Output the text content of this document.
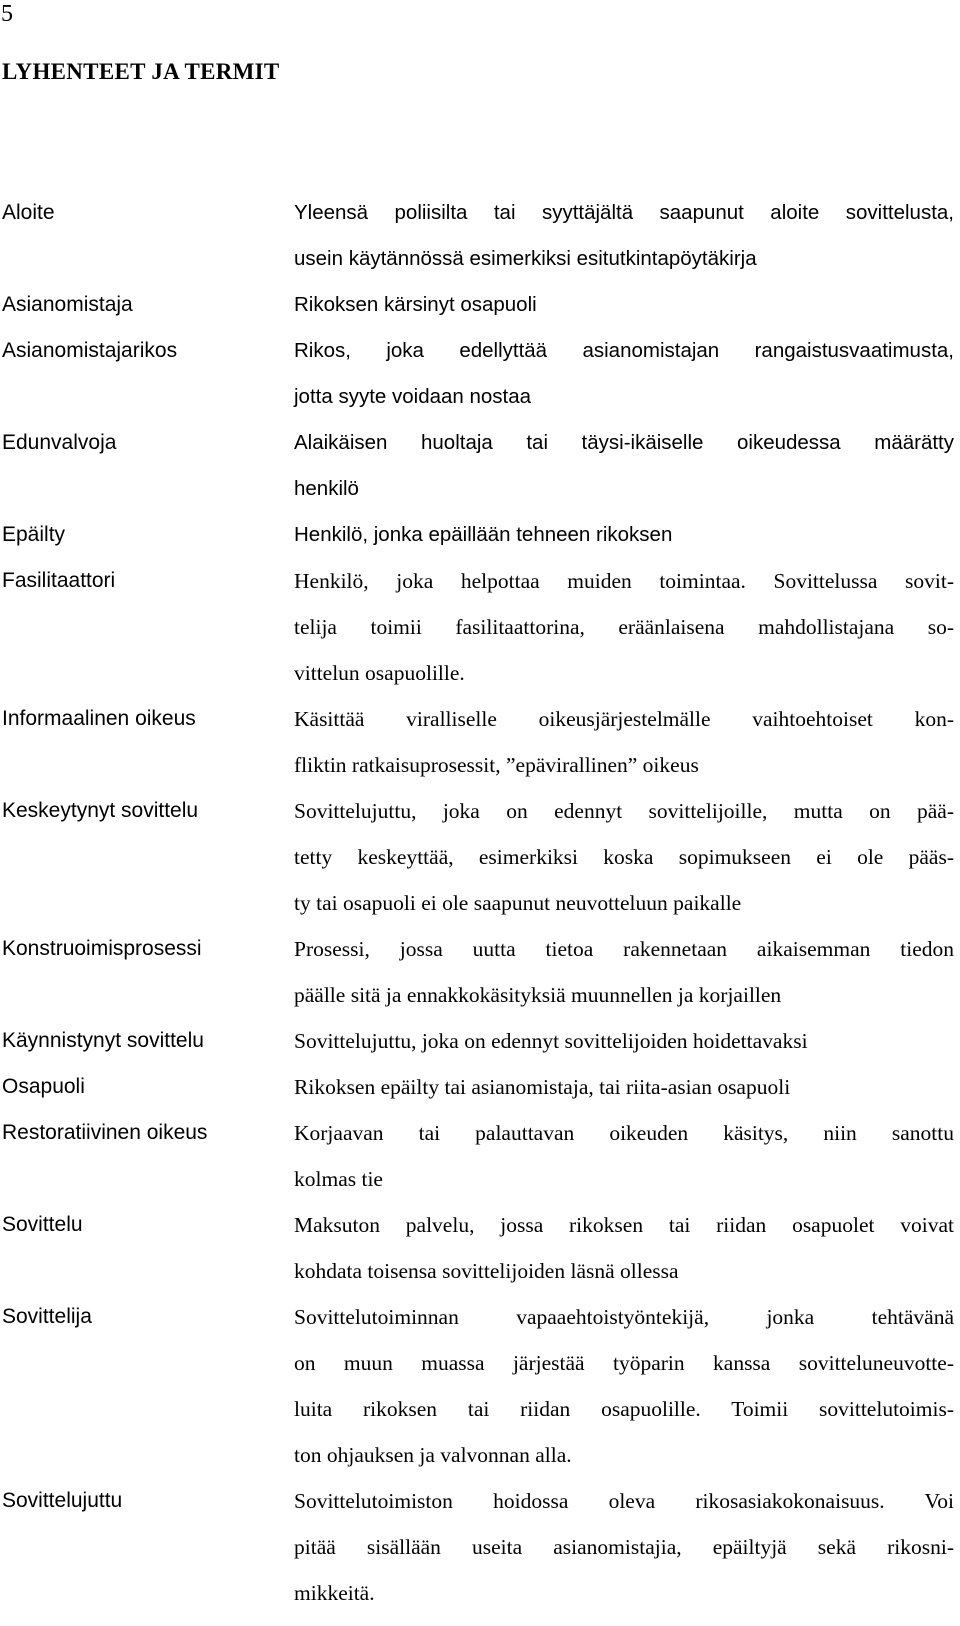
5
LYHENTEET JA TERMIT
Aloite	Yleensä poliisilta tai syyttäjältä saapunut aloite sovittelusta,
usein käytännössä esimerkiksi esitutkintapöytäkirja
Asianomistaja	Rikoksen kärsinyt osapuoli
Asianomistajarikos	Rikos, joka edellyttää asianomistajan rangaistusvaatimusta,
jotta syyte voidaan nostaa
Edunvalvoja	Alaikäisen huoltaja tai täysi-ikäiselle oikeudessa määrätty
henkilö
Epäilty	Henkilö, jonka epäillään tehneen rikoksen
Fasilitaattori	Henkilö, joka helpottaa muiden toimintaa. Sovittelussa sovit-
telija toimii fasilitaattorina, eräänlaisena mahdollistajana so-
vittelun osapuolille.
Informaalinen oikeus	Käsittää viralliselle oikeusjärjestelmälle vaihtoehtoiset kon-
fliktin ratkaisuprosessit, ”epävirallinen” oikeus
Keskeytynyt sovittelu	Sovittelujuttu, joka on edennyt sovittelijoille, mutta on pää-
tetty keskeyttää, esimerkiksi koska sopimukseen ei ole pääs-
ty tai osapuoli ei ole saapunut neuvotteluun paikalle
Konstruoimisprosessi	Prosessi, jossa uutta tietoa rakennetaan aikaisemman tiedon
päälle sitä ja ennakkokäsityksiä muunnellen ja korjaillen
Käynnistynyt sovittelu	Sovittelujuttu, joka on edennyt sovittelijoiden hoidettavaksi
Osapuoli	Rikoksen epäilty tai asianomistaja, tai riita-asian osapuoli
Restoratiivinen oikeus	Korjaavan tai palauttavan oikeuden käsitys, niin sanottu
kolmas tie
Sovittelu	Maksuton palvelu, jossa rikoksen tai riidan osapuolet voivat
kohdata toisensa sovittelijoiden läsnä ollessa
Sovittelija	Sovittelutoiminnan vapaaehtoistyöntekijä, jonka tehtävänä
on muun muassa järjestää työparin kanssa sovitteluneuvotte-
luita rikoksen tai riidan osapuolille. Toimii sovittelutoimis-
ton ohjauksen ja valvonnan alla.
Sovittelujuttu	Sovittelutoimiston hoidossa oleva rikosasiakokonaisuus. Voi
pitää sisällään useita asianomistajia, epäiltyjä sekä rikosni-
mikkeitä.
